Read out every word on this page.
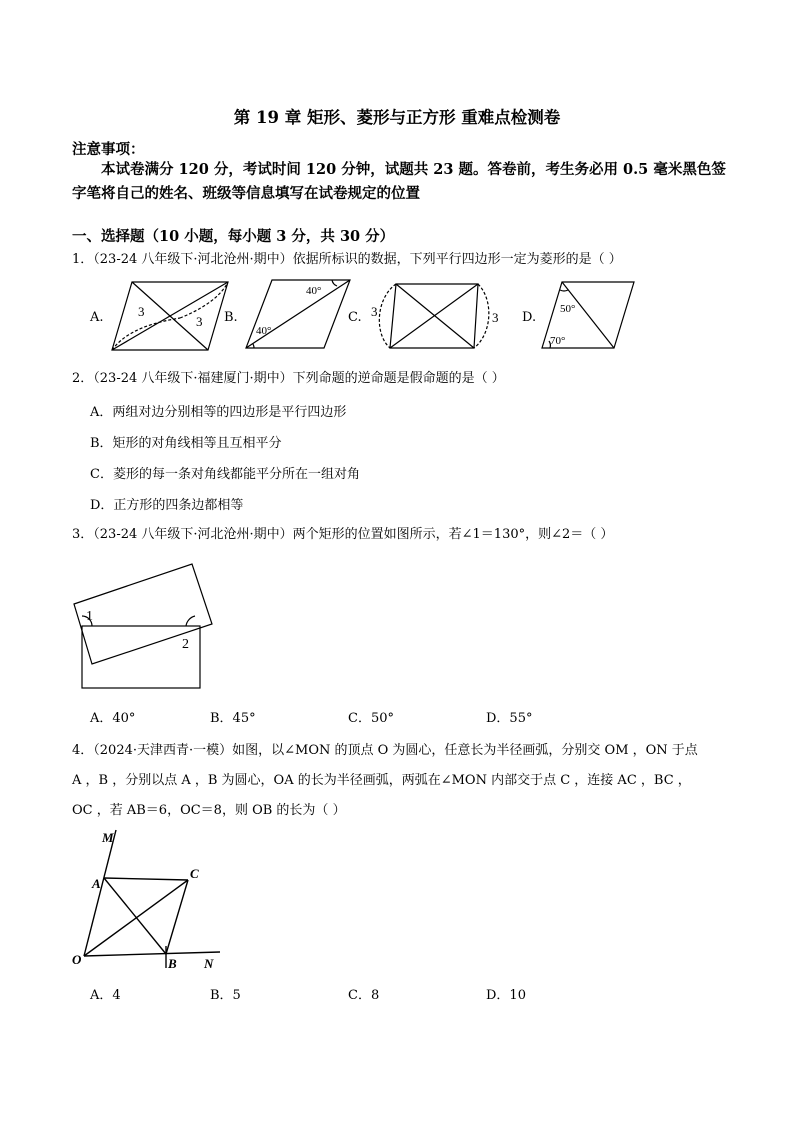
第 19 章 矩形、菱形与正方形 重难点检测卷
注意事项：
本试卷满分 120 分，考试时间 120 分钟，试题共 23 题。答卷前，考生务必用 0.5 毫米黑色签字笔将自己的姓名、班级等信息填写在试卷规定的位置
一、选择题（10 小题，每小题 3 分，共 30 分）
1．（23-24 八年级下·河北沧州·期中）依据所标识的数据，下列平行四边形一定为菱形的是（ ）
A.	B.	C.	D.
3
3
40°
40°
3	3
50°
70°
2．（23-24 八年级下·福建厦门·期中）下列命题的逆命题是假命题的是（ ）
A．两组对边分别相等的四边形是平行四边形
B．矩形的对角线相等且互相平分
C．菱形的每一条对角线都能平分所在一组对角
D．正方形的四条边都相等
3．（23-24 八年级下·河北沧州·期中）两个矩形的位置如图所示，若∠1＝130°，则∠2＝（ ）
1
2
A．40°	B．45°	C．50°	D．55°
4．（2024·天津西青·一模）如图，以∠MON 的顶点 O 为圆心，任意长为半径画弧，分别交 OM ，ON 于点
A ，B ，分别以点 A ，B 为圆心，OA 的长为半径画弧，两弧在∠MON 内部交于点 C ，连接 AC ，BC ，
OC ，若 AB＝6，OC＝8，则 OB 的长为（ ）
M
A
C
O	B N
A．4	B．5	C．8	D．10
